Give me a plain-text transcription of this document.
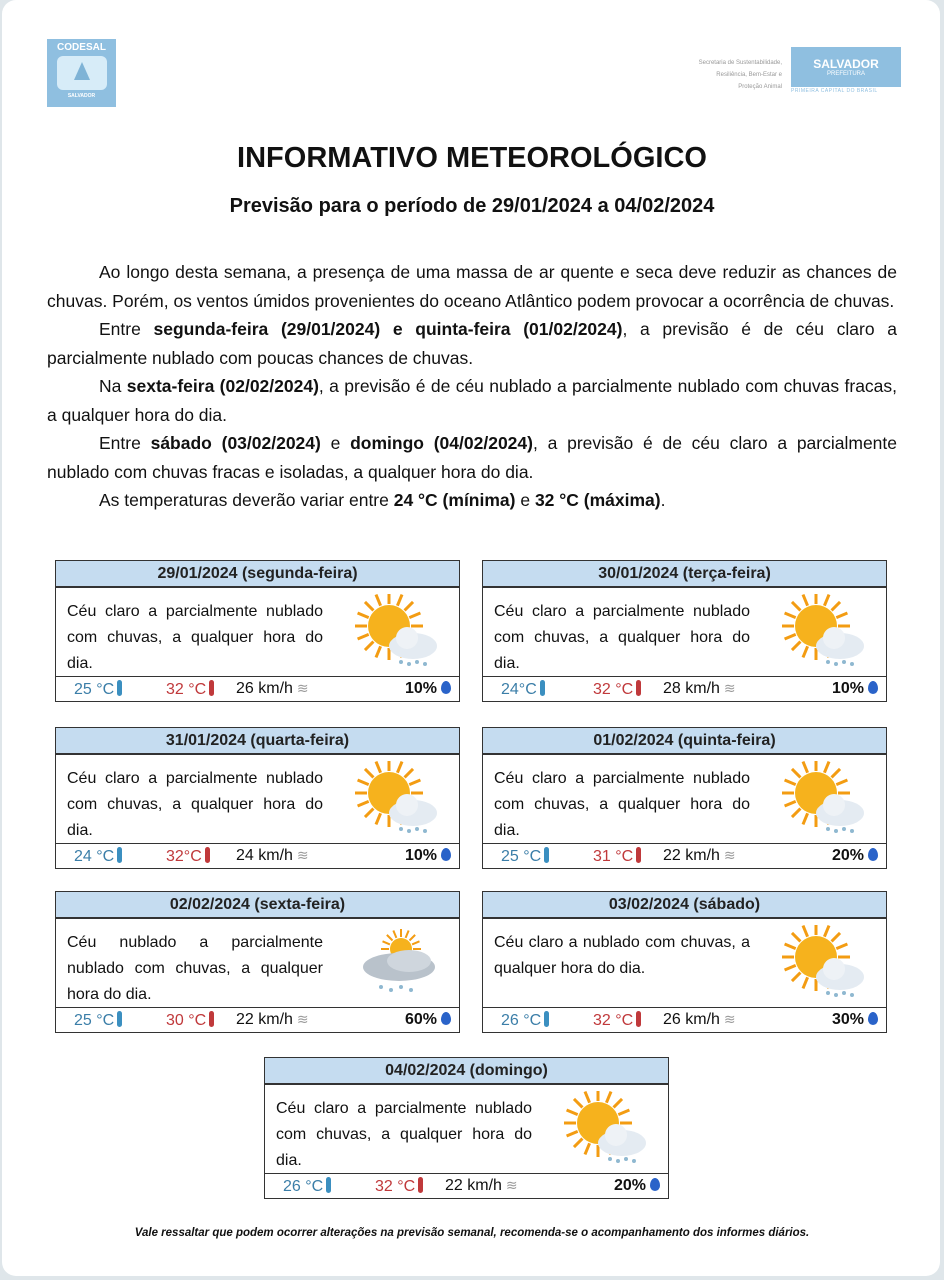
CODESAL
SALVADOR
Secretaria de Sustentabilidade,
Resiliência, Bem-Estar e
Proteção Animal
SALVADOR
PREFEITURA
PRIMEIRA CAPITAL DO BRASIL
INFORMATIVO METEOROLÓGICO
Previsão para o período de 29/01/2024 a 04/02/2024

Ao longo desta semana, a presença de uma massa de ar quente e seca deve reduzir as chances de chuvas. Porém, os ventos úmidos provenientes do oceano Atlântico podem provocar a ocorrência de chuvas.

Entre segunda-feira (29/01/2024) e quinta-feira (01/02/2024), a previsão é de céu claro a parcialmente nublado com poucas chances de chuvas.

Na sexta-feira (02/02/2024), a previsão é de céu nublado a parcialmente nublado com chuvas fracas, a qualquer hora do dia.

Entre sábado (03/02/2024) e domingo (04/02/2024), a previsão é de céu claro a parcialmente nublado com chuvas fracas e isoladas, a qualquer hora do dia.

As temperaturas deverão variar entre 24 °C (mínima) e 32 °C (máxima).

29/01/2024 (segunda-feira)
Céu claro a parcialmente nublado com chuvas, a qualquer hora do dia.
25 °C	32 °C	26 km/h ≋	10%
30/01/2024 (terça-feira)
Céu claro a parcialmente nublado com chuvas, a qualquer hora do dia.
24°C	32 °C	28 km/h ≋	10%
31/01/2024 (quarta-feira)
Céu claro a parcialmente nublado com chuvas, a qualquer hora do dia.
24 °C	32°C	24 km/h ≋	10%
01/02/2024 (quinta-feira)
Céu claro a parcialmente nublado com chuvas, a qualquer hora do dia.
25 °C	31 °C	22 km/h ≋	20%
02/02/2024 (sexta-feira)
Céu nublado a parcialmente nublado com chuvas, a qualquer hora do dia.
25 °C	30 °C	22 km/h ≋	60%
03/02/2024 (sábado)
Céu claro a nublado com chuvas, a qualquer hora do dia.
26 °C	32 °C	26 km/h ≋	30%
04/02/2024 (domingo)
Céu claro a parcialmente nublado com chuvas, a qualquer hora do dia.
26 °C	32 °C	22 km/h ≋	20%
Vale ressaltar que podem ocorrer alterações na previsão semanal, recomenda-se o acompanhamento dos informes diários.
